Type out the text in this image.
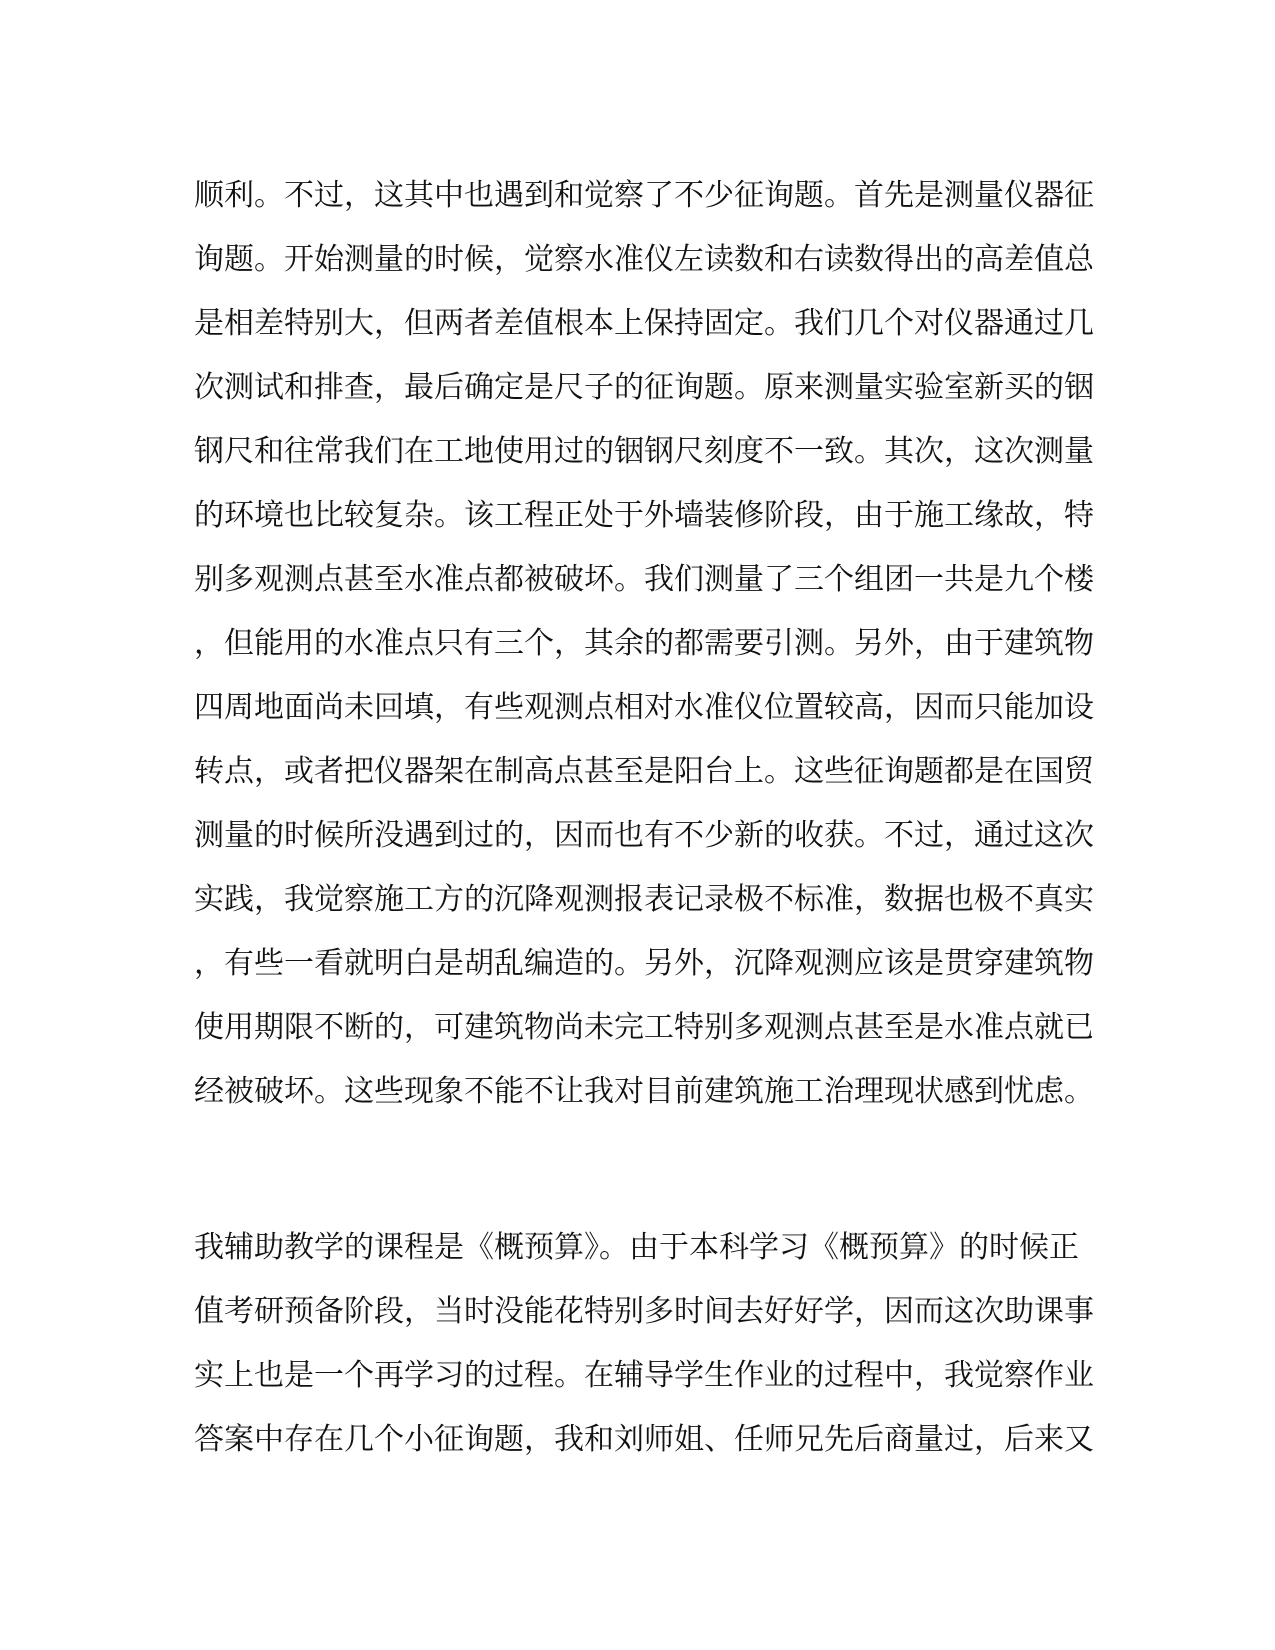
顺利。不过，这其中也遇到和觉察了不少征询题。首先是测量仪器征
询题。开始测量的时候，觉察水准仪左读数和右读数得出的高差值总
是相差特别大，但两者差值根本上保持固定。我们几个对仪器通过几
次测试和排查，最后确定是尺子的征询题。原来测量实验室新买的铟
钢尺和往常我们在工地使用过的铟钢尺刻度不一致。其次，这次测量
的环境也比较复杂。该工程正处于外墙装修阶段，由于施工缘故，特
别多观测点甚至水准点都被破坏。我们测量了三个组团一共是九个楼
，但能用的水准点只有三个，其余的都需要引测。另外，由于建筑物
四周地面尚未回填，有些观测点相对水准仪位置较高，因而只能加设
转点，或者把仪器架在制高点甚至是阳台上。这些征询题都是在国贸
测量的时候所没遇到过的，因而也有不少新的收获。不过，通过这次
实践，我觉察施工方的沉降观测报表记录极不标准，数据也极不真实
，有些一看就明白是胡乱编造的。另外，沉降观测应该是贯穿建筑物
使用期限不断的，可建筑物尚未完工特别多观测点甚至是水准点就已
经被破坏。这些现象不能不让我对目前建筑施工治理现状感到忧虑。
我辅助教学的课程是《概预算》。由于本科学习《概预算》的时候正
值考研预备阶段，当时没能花特别多时间去好好学，因而这次助课事
实上也是一个再学习的过程。在辅导学生作业的过程中，我觉察作业
答案中存在几个小征询题，我和刘师姐、任师兄先后商量过，后来又
